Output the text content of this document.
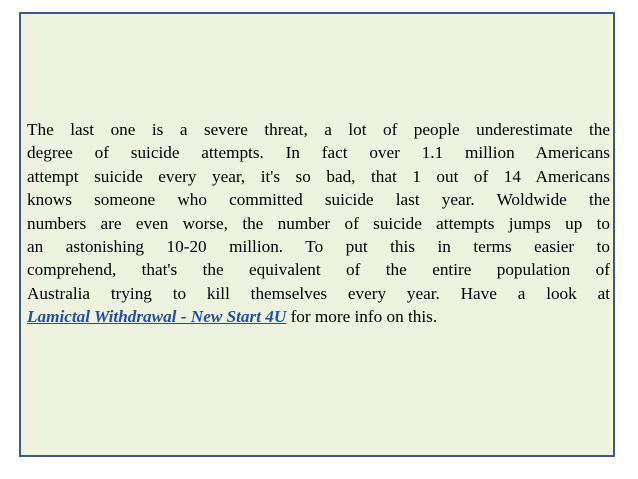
The last one is a severe threat, a lot of people underestimate the
degree of suicide attempts. In fact over 1.1 million Americans
attempt suicide every year, it's so bad, that 1 out of 14 Americans
knows someone who committed suicide last year. Woldwide the
numbers are even worse, the number of suicide attempts jumps up to
an astonishing 10-20 million. To put this in terms easier to
comprehend, that's the equivalent of the entire population of
Australia trying to kill themselves every year. Have a look at
Lamictal Withdrawal - New Start 4U for more info on this.
